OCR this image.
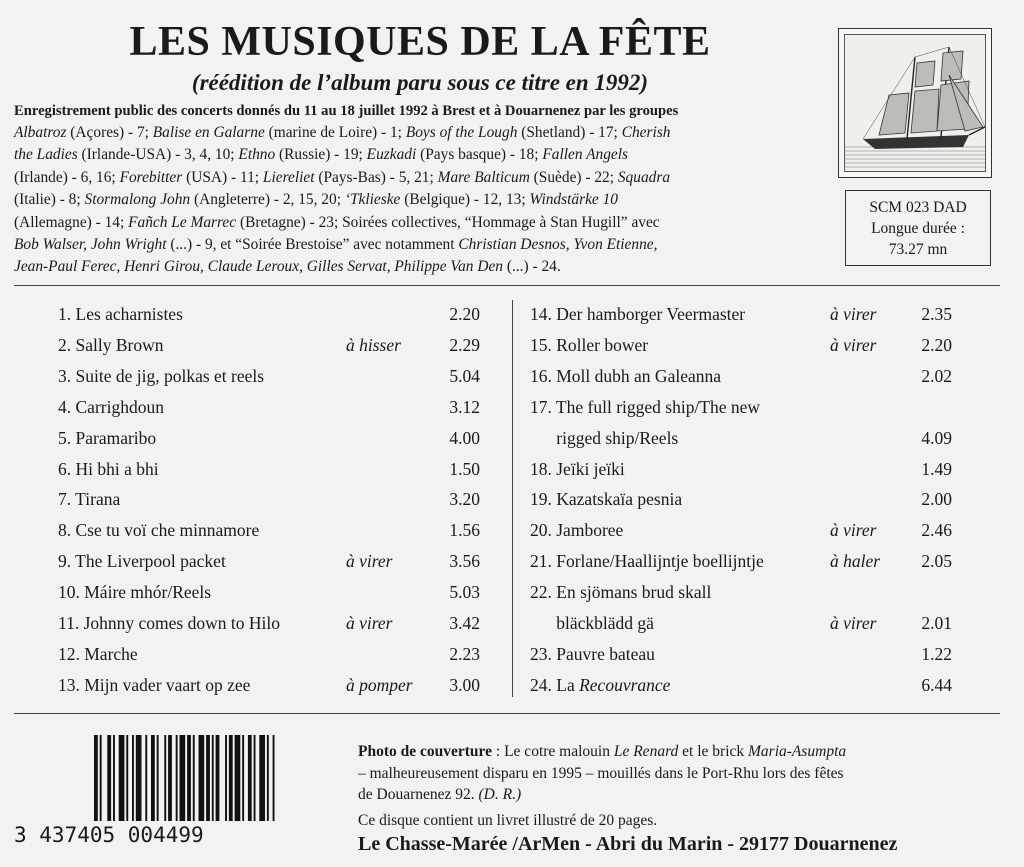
LES MUSIQUES DE LA FÊTE
(réédition de l’album paru sous ce titre en 1992)
Enregistrement public des concerts donnés du 11 au 18 juillet 1992 à Brest et à Douarnenez par les groupes

Albatroz (Açores) - 7; Balise en Galarne (marine de Loire) - 1; Boys of the Lough (Shetland) - 17; Cherish

the Ladies (Irlande-USA) - 3, 4, 10; Ethno (Russie) - 19; Euzkadi (Pays basque) - 18; Fallen Angels

(Irlande) - 6, 16; Forebitter (USA) - 11; Liereliet (Pays-Bas) - 5, 21; Mare Balticum (Suède) - 22; Squadra

(Italie) - 8; Stormalong John (Angleterre) - 2, 15, 20; ‘Tklieske (Belgique) - 12, 13; Windstärke 10

(Allemagne) - 14; Fañch Le Marrec (Bretagne) - 23; Soirées collectives, “Hommage à Stan Hugill” avec

Bob Walser, John Wright (...) - 9, et “Soirée Brestoise” avec notamment Christian Desnos, Yvon Etienne,

Jean-Paul Ferec, Henri Girou, Claude Leroux, Gilles Servat, Philippe Van Den (...) - 24.

SCM 023 DAD
Longue durée :
73.27 mn
1. Les acharnistes	2.20
2. Sally Brown	à hisser	2.29
3. Suite de jig, polkas et reels	5.04
4. Carrighdoun	3.12
5. Paramaribo	4.00
6. Hi bhi a bhi	1.50
7. Tirana	3.20
8. Cse tu voï che minnamore	1.56
9. The Liverpool packet	à virer	3.56
10. Máire mhór/Reels	5.03
11. Johnny comes down to Hilo	à virer	3.42
12. Marche	2.23
13. Mijn vader vaart op zee	à pomper	3.00
14. Der hamborger Veermaster	à virer	2.35
15. Roller bower	à virer	2.20
16. Moll dubh an Galeanna	2.02
17. The full rigged ship/The new
rigged ship/Reels	4.09
18. Jeïki jeïki	1.49
19. Kazatskaïa pesnia	2.00
20. Jamboree	à virer	2.46
21. Forlane/Haallijntje boellijntje	à haler	2.05
22. En sjömans brud skall
bläckblädd gä	à virer	2.01
23. Pauvre bateau	1.22
24. La Recouvrance	6.44
3 437405 004499

Photo de couverture : Le cotre malouin Le Renard et le brick Maria-Asumpta

– malheureusement disparu en 1995 – mouillés dans le Port-Rhu lors des fêtes

de Douarnenez 92. (D. R.)

Ce disque contient un livret illustré de 20 pages.
Le Chasse-Marée /ArMen - Abri du Marin - 29177 Douarnenez
